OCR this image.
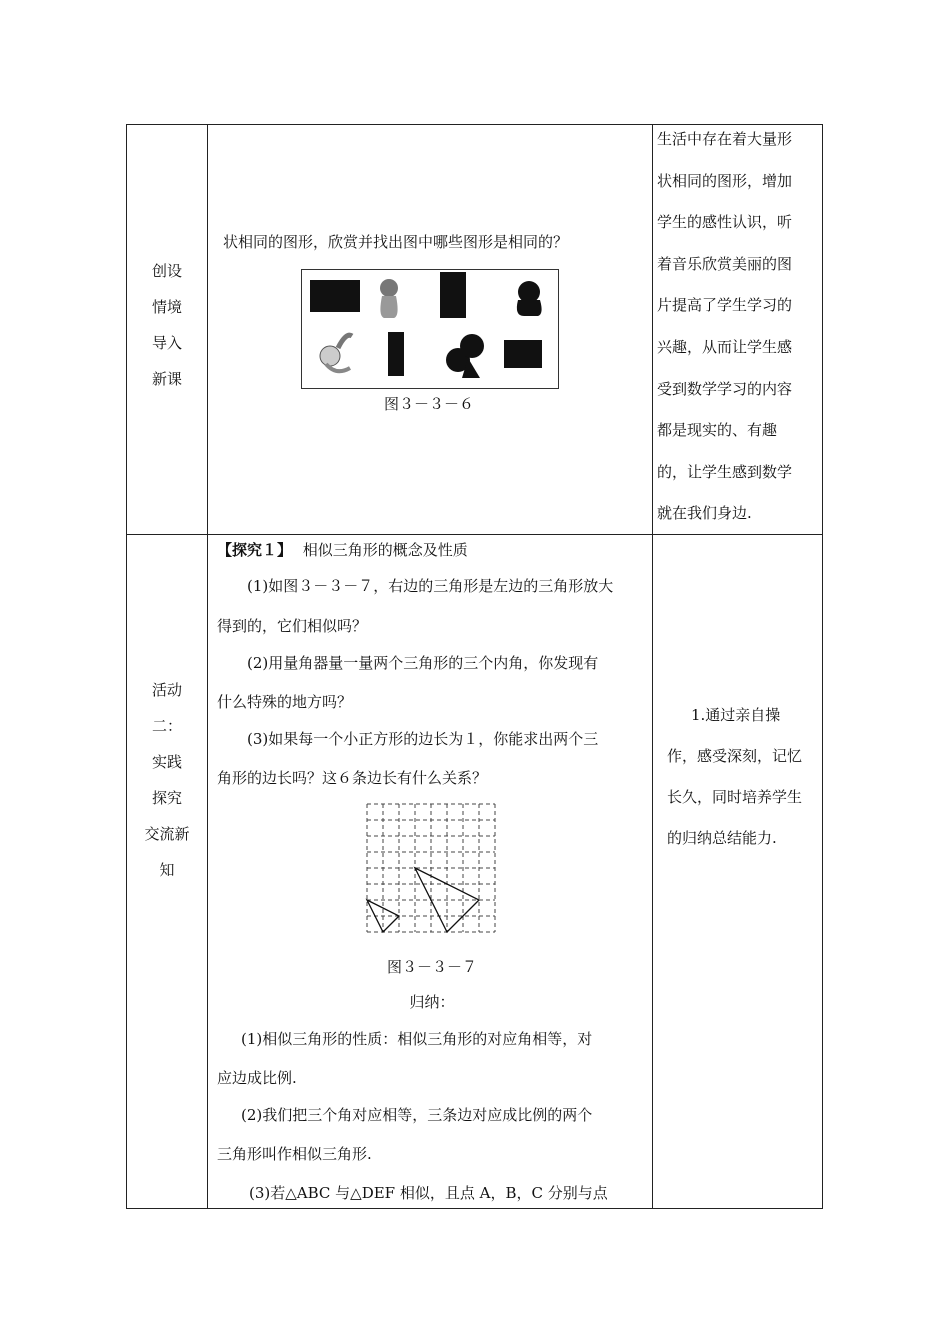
创设
情境
导入
新课
状相同的图形，欣赏并找出图中哪些图形是相同的？
图３－３－６
生活中存在着大量形
状相同的图形，增加
学生的感性认识，听
着音乐欣赏美丽的图
片提高了学生学习的
兴趣，从而让学生感
受到数学学习的内容
都是现实的、有趣
的，让学生感到数学
就在我们身边.
活动
二：
实践
探究
交流新
知
【探究１】 相似三角形的概念及性质
(1)如图３－３－７，右边的三角形是左边的三角形放大
得到的，它们相似吗？
(2)用量角器量一量两个三角形的三个内角，你发现有
什么特殊的地方吗？
(3)如果每一个小正方形的边长为１，你能求出两个三
角形的边长吗？这６条边长有什么关系？
图３－３－７
归纳：
(1)相似三角形的性质：相似三角形的对应角相等，对
应边成比例.
(2)我们把三个角对应相等，三条边对应成比例的两个
三角形叫作相似三角形.
(3)若△ABC 与△DEF 相似，且点 A，B，C 分别与点
1.通过亲自操
作，感受深刻，记忆
长久，同时培养学生
的归纳总结能力.
